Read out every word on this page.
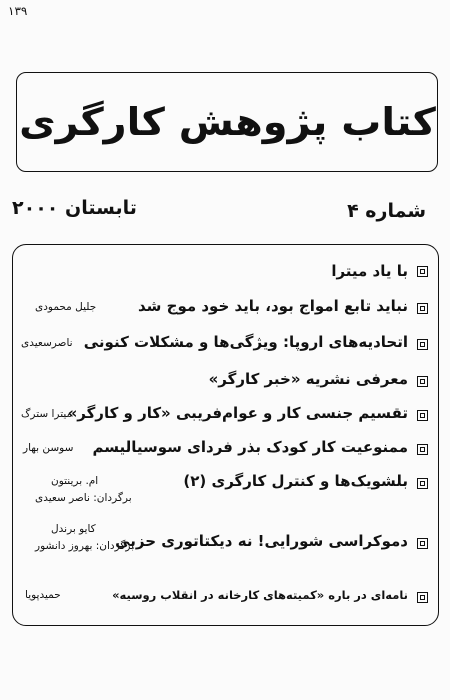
۱۳۹
کتاب پژوهش کارگری
شماره ۴
تابستان ۲۰۰۰
با یاد میترا
نباید تابع امواج بود، باید خود موج شد
جلیل محمودی
اتحادیه‌های اروپا: ویژگی‌ها و مشکلات کنونی
ناصرسعیدی
معرفی نشریه «خبر کارگر»
تقسیم جنسی کار و عوام‌فریبی «کار و کارگر»
میترا سترگ
ممنوعیت کار کودک بذر فردای سوسیالیسم
سوسن بهار
بلشویک‌ها و کنترل کارگری (۲)
ام. برینتون
برگردان: ناصر سعیدی
دموکراسی شورایی! نه دیکتاتوری حزبی
کایو برندل
برگردان: بهروز دانشور
نامه‌ای در باره «کمیته‌های کارخانه در انقلاب روسیه»
حمیدپویا
